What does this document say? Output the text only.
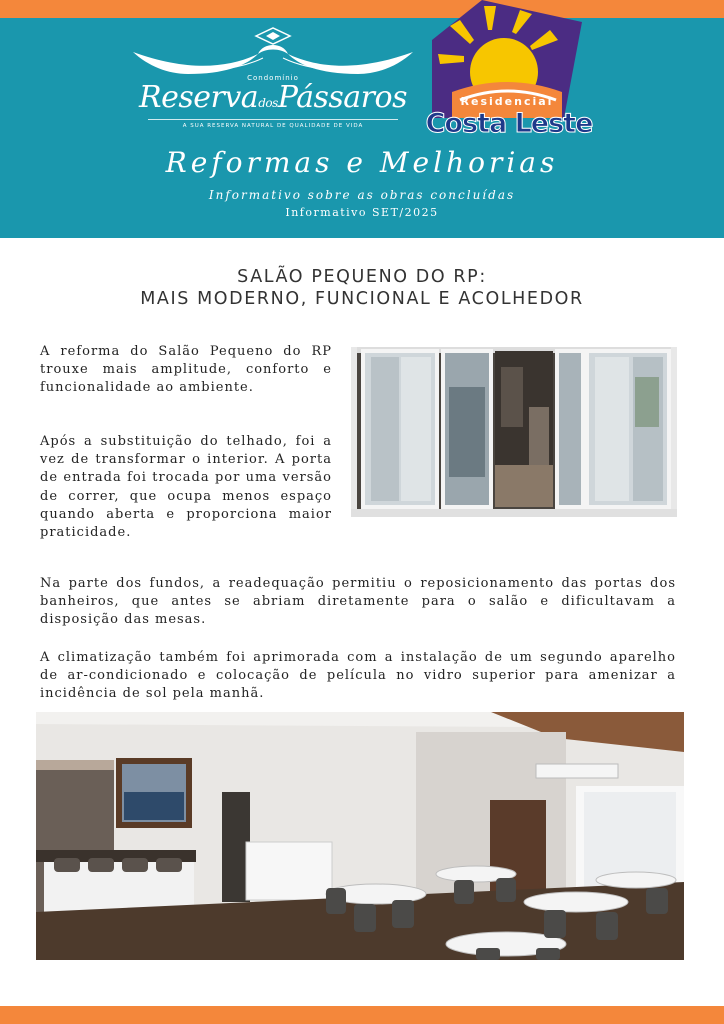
Condomínio
ReservadosPássaros
A SUA RESERVA NATURAL DE QUALIDADE DE VIDA
Residencial
Costa Leste
Reformas e Melhorias
Informativo sobre as obras concluídas
Informativo SET/2025
SALÃO PEQUENO DO RP:
MAIS MODERNO, FUNCIONAL E ACOLHEDOR

A reforma do Salão Pequeno do RP trouxe mais amplitude, conforto e funcionalidade ao ambiente.

Após a substituição do telhado, foi a vez de transformar o interior. A porta de entrada foi trocada por uma versão de correr, que ocupa menos espaço quando aberta e proporciona maior praticidade.

Na parte dos fundos, a readequação permitiu o reposicionamento das portas dos banheiros, que antes se abriam diretamente para o salão e dificultavam a disposição das mesas.

A climatização também foi aprimorada com a instalação de um segundo aparelho de ar-condicionado e colocação de película no vidro superior para amenizar a incidência de sol pela manhã.
